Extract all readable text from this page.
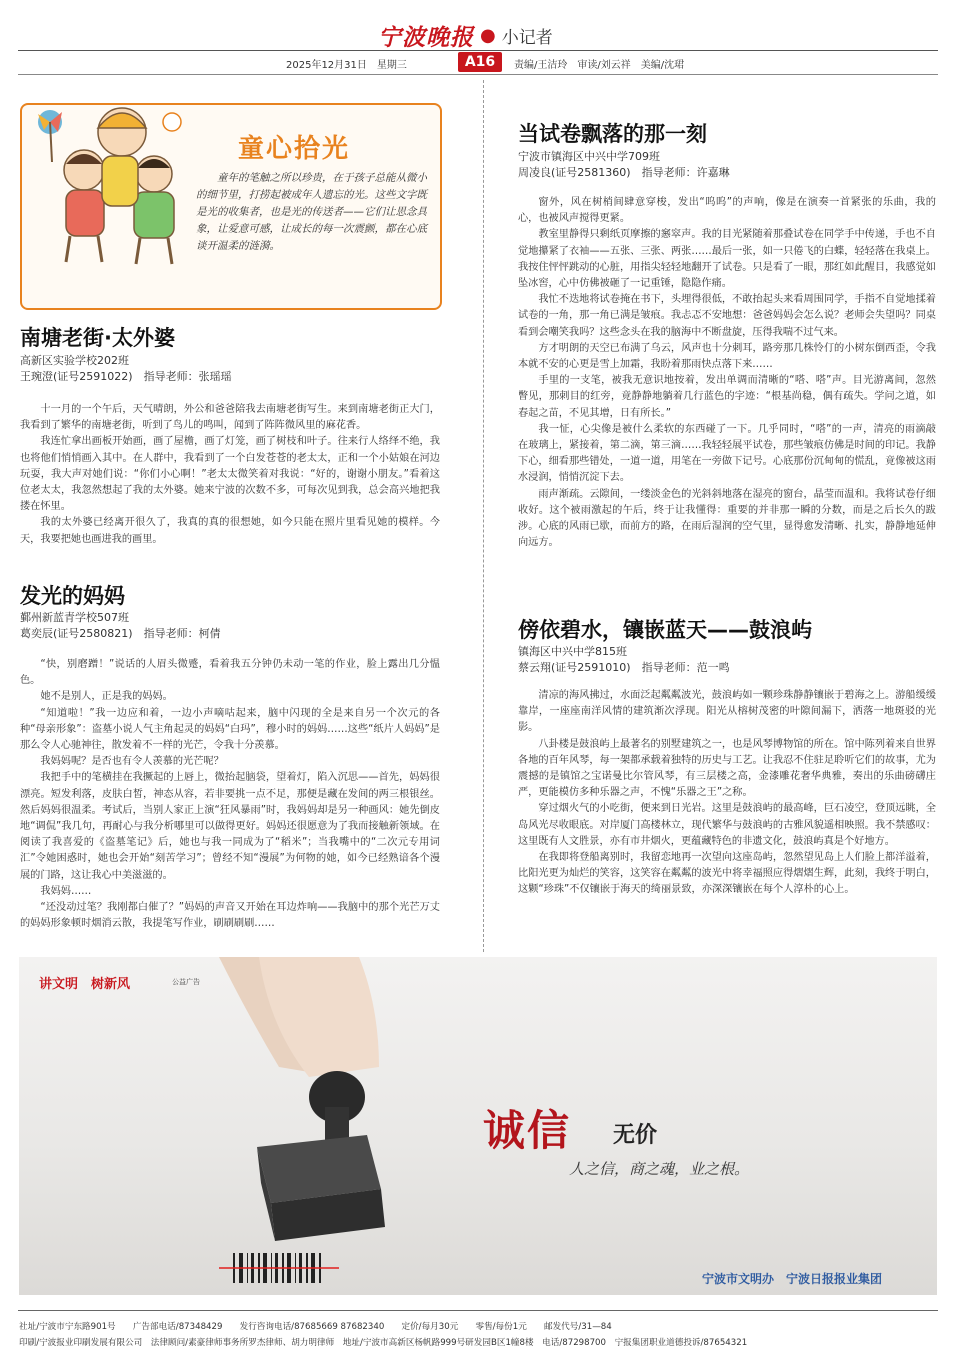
宁波晚报 ● 小记者
2025年12月31日　星期三	A16	责编/王洁玲　审读/刘云祥　美编/沈珺
童心拾光
童年的笔触之所以珍贵，在于孩子总能从微小的细节里，打捞起被成年人遗忘的光。这些文字既是光的收集者，也是光的传送者——它们让思念具象，让爱意可感，让成长的每一次震颤，都在心底谈开温柔的涟漪。
南塘老街·太外婆
高新区实验学校202班
王琬澄(证号2591022)　指导老师：张瑶瑶

十一月的一个午后，天气晴朗，外公和爸爸陪我去南塘老街写生。来到南塘老街正大门，我看到了繁华的南塘老街，听到了鸟儿的鸣叫，闻到了阵阵微风里的麻花香。

我连忙拿出画板开始画，画了屋檐，画了灯笼，画了树枝和叶子。往来行人络绎不绝，我也将他们悄悄画入其中。在人群中，我看到了一个白发苍苍的老太太，正和一个小姑娘在河边玩耍，我大声对她们说：“你们小心啊！”老太太微笑着对我说：“好的，谢谢小朋友。”看着这位老太太，我忽然想起了我的太外婆。她来宁波的次数不多，可每次见到我，总会高兴地把我搂在怀里。

我的太外婆已经离开很久了，我真的真的很想她，如今只能在照片里看见她的模样。今天，我要把她也画进我的画里。

发光的妈妈
鄞州新蓝青学校507班
葛奕辰(证号2580821)　指导老师：柯倩

“快，别磨蹭！”说话的人眉头微蹙，看着我五分钟仍未动一笔的作业，脸上露出几分愠色。

她不是别人，正是我的妈妈。

“知道啦！”我一边应和着，一边小声嘀咕起来，脑中闪现的全是来自另一个次元的各种“母亲形象”：盗墓小说人气主角起灵的妈妈“白玛”，穆小时的妈妈……这些“纸片人妈妈”是那么令人心驰神往，散发着不一样的光芒，令我十分羡慕。

我妈妈呢？是否也有令人羡慕的光芒呢？

我把手中的笔横挂在我撅起的上唇上，微抬起脑袋，望着灯，陷入沉思——首先，妈妈很漂亮。短发利落，皮肤白皙，神态从容，若非要挑一点不足，那便是藏在发间的两三根银丝。然后妈妈很温柔。考试后，当别人家正上演“狂风暴雨”时，我妈妈却是另一种画风：她先倒皮地“调侃”我几句，再耐心与我分析哪里可以做得更好。妈妈还很愿意为了我而接触新领域。在阅读了我喜爱的《盗墓笔记》后，她也与我一同成为了“稻米”；当我嘴中的“二次元专用词汇”令她困惑时，她也会开始“刻苦学习”；曾经不知“漫展”为何物的她，如今已经熟谙各个漫展的门路，这让我心中美滋滋的。

我妈妈……

“还没动过笔？我刚都白催了？”妈妈的声音又开始在耳边炸响——我脑中的那个光芒万丈的妈妈形象顿时烟消云散，我提笔写作业，刷刷刷刷……

当试卷飘落的那一刻
宁波市镇海区中兴中学709班
周凌良(证号2581360)　指导老师：许嘉琳

窗外，风在树梢间肆意穿梭，发出“呜呜”的声响，像是在演奏一首紧张的乐曲，我的心，也被风声搅得更紧。

教室里静得只剩纸页摩擦的窸窣声。我的目光紧随着那叠试卷在同学手中传递，手也不自觉地攥紧了衣袖——五张、三张、两张……最后一张，如一只倦飞的白蝶，轻轻落在我桌上。我按住怦怦跳动的心脏，用指尖轻轻地翻开了试卷。只是看了一眼，那红如此醒目，我感觉如坠冰窖，心中仿佛被砸了一记重锤，隐隐作痛。

我忙不迭地将试卷掩在书下，头埋得很低，不敢抬起头来看周围同学，手指不自觉地揉着试卷的一角，那一角已满是皱痕。我忐忑不安地想：爸爸妈妈会怎么说？老师会失望吗？同桌看到会嘲笑我吗？这些念头在我的脑海中不断盘旋，压得我喘不过气来。

方才明朗的天空已布满了乌云，风声也十分刺耳，路旁那几株怜仃的小树东倒西歪，令我本就不安的心更是雪上加霜，我盼着那雨快点落下来……

手里的一支笔，被我无意识地按着，发出单调而清晰的“嗒、嗒”声。目光游离间，忽然瞥见，那刺目的红旁，竟静静地躺着几行蓝色的字迹：“根基尚稳，偶有疏失。学问之道，如春起之苗，不见其增，日有所长。”

我一怔，心尖像是被什么柔软的东西碰了一下。几乎同时，“嗒”的一声，清亮的雨滴敲在玻璃上，紧接着，第二滴，第三滴……我轻轻展平试卷，那些皱痕仿佛是时间的印记。我静下心，细看那些错处，一道一道，用笔在一旁做下记号。心底那份沉甸甸的慌乱，竟像被这雨水浸润，悄悄沉淀下去。

雨声渐疏。云隙间，一缕淡金色的光斜斜地落在湿亮的窗台，晶莹而温和。我将试卷仔细收好。这个被雨激起的午后，终于让我懂得：重要的并非那一瞬的分数，而是之后长久的跋涉。心底的风雨已歇，而前方的路，在雨后湿润的空气里，显得愈发清晰、扎实，静静地延伸向远方。

傍依碧水，镶嵌蓝天——鼓浪屿
镇海区中兴中学815班
蔡云翔(证号2591010)　指导老师：范一鸣

清凉的海风拂过，水面泛起粼粼波光，鼓浪屿如一颗珍珠静静镶嵌于碧海之上。游船缓缓靠岸，一座座南洋风情的建筑渐次浮现。阳光从榕树茂密的叶隙间漏下，洒落一地斑驳的光影。

八卦楼是鼓浪屿上最著名的别墅建筑之一，也是风琴博物馆的所在。馆中陈列着来自世界各地的百年风琴，每一架都承载着独特的历史与工艺。让我忍不住驻足聆听它们的故事，尤为震撼的是镇馆之宝诺曼比尔管风琴，有三层楼之高，金漆雕花奢华典雅，奏出的乐曲磅礴庄严，更能模仿多种乐器之声，不愧“乐器之王”之称。

穿过烟火气的小吃街，便来到日光岩。这里是鼓浪屿的最高峰，巨石凌空，登顶远眺，全岛风光尽收眼底。对岸厦门高楼林立，现代繁华与鼓浪屿的古雅风貌遥相映照。我不禁感叹：这里既有人文胜景，亦有市井烟火，更蕴藏特色的非遗文化，鼓浪屿真是个好地方。

在我即将登船离别时，我留恋地再一次望向这座岛屿，忽然望见岛上人们脸上都洋溢着，比阳光更为灿烂的笑容，这笑容在粼粼的波光中将幸福照应得熠熠生辉，此刻，我终于明白，这颗“珍珠”不仅镶嵌于海天的绮丽景致，亦深深镶嵌在每个人淳朴的心上。

讲文明　树新风	公益广告
诚信 无价
人之信，商之魂，业之根。
宁波市文明办　宁波日报报业集团
社址/宁波市宁东路901号　　广告部电话/87348429　　发行咨询电话/87685669 87682340　　定价/每月30元　　零售/每份1元　　邮发代号/31—84
印刷/宁波报业印刷发展有限公司　法律顾问/素豪律师事务所罗杰律师、胡力明律师　地址/宁波市高新区杨帆路999号研发园B区1幢8楼　电话/87298700　宁报集团职业道德投诉/87654321
